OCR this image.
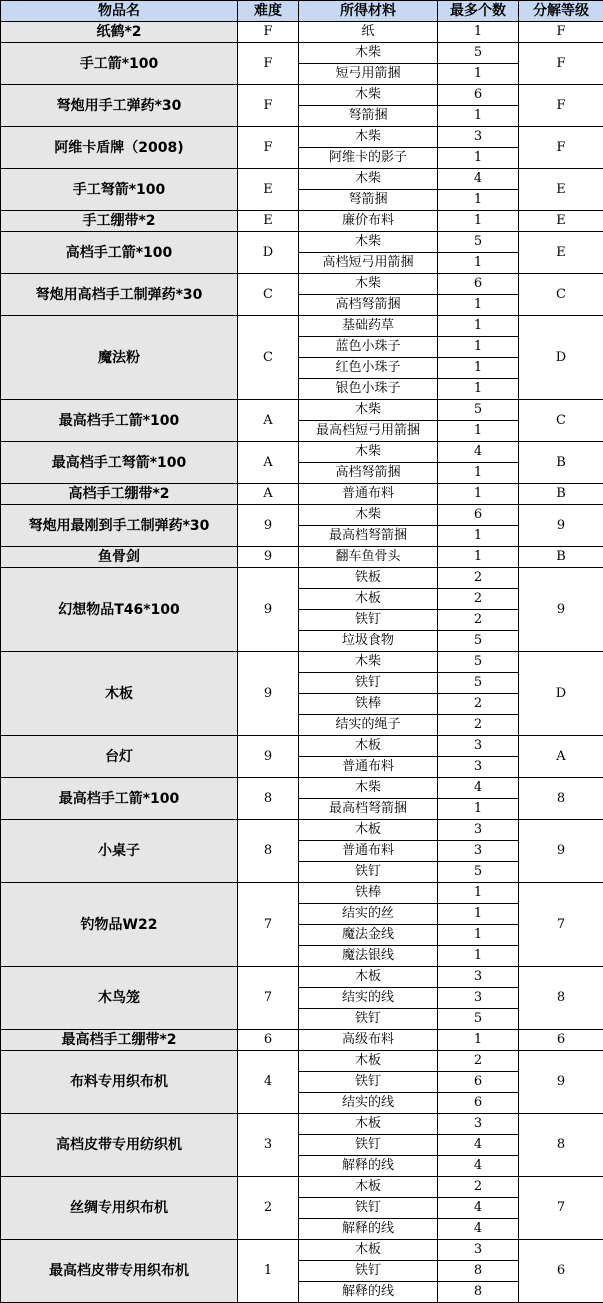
物品名	难度	所得材料	最多个数	分解等级
纸鹤*2	F	纸	1	F
手工箭*100	F	木柴	5	F
		短弓用箭捆	1	
弩炮用手工弹药*30	F	木柴	6	F
		弩箭捆	1	
阿维卡盾牌（2008)	F	木柴	3	F
		阿维卡的影子	1	
手工弩箭*100	E	木柴	4	E
		弩箭捆	1	
手工绷带*2	E	廉价布料	1	E
高档手工箭*100	D	木柴	5	E
		高档短弓用箭捆	1	
弩炮用高档手工制弹药*30	C	木柴	6	C
		高档弩箭捆	1	
魔法粉	C	基础药草	1	D
		蓝色小珠子	1	
		红色小珠子	1	
		银色小珠子	1	
最高档手工箭*100	A	木柴	5	C
		最高档短弓用箭捆	1	
最高档手工弩箭*100	A	木柴	4	B
		高档弩箭捆	1	
高档手工绷带*2	A	普通布料	1	B
弩炮用最刚到手工制弹药*30	9	木柴	6	9
		最高档弩箭捆	1	
鱼骨剑	9	翻车鱼骨头	1	B
幻想物品T46*100	9	铁板	2	9
		木板	2	
		铁钉	2	
		垃圾食物	5	
木板	9	木柴	5	D
		铁钉	5	
		铁棒	2	
		结实的绳子	2	
台灯	9	木板	3	A
		普通布料	3	
最高档手工箭*100	8	木柴	4	8
		最高档弩箭捆	1	
小桌子	8	木板	3	9
		普通布料	3	
		铁钉	5	
钓物品W22	7	铁棒	1	7
		结实的丝	1	
		魔法金线	1	
		魔法银线	1	
木鸟笼	7	木板	3	8
		结实的线	3	
		铁钉	5	
最高档手工绷带*2	6	高级布料	1	6
布料专用织布机	4	木板	2	9
		铁钉	6	
		结实的线	6	
高档皮带专用纺织机	3	木板	3	8
		铁钉	4	
		解释的线	4	
丝绸专用织布机	2	木板	2	7
		铁钉	4	
		解释的线	4	
最高档皮带专用织布机	1	木板	3	6
		铁钉	8	
		解释的线	8	
